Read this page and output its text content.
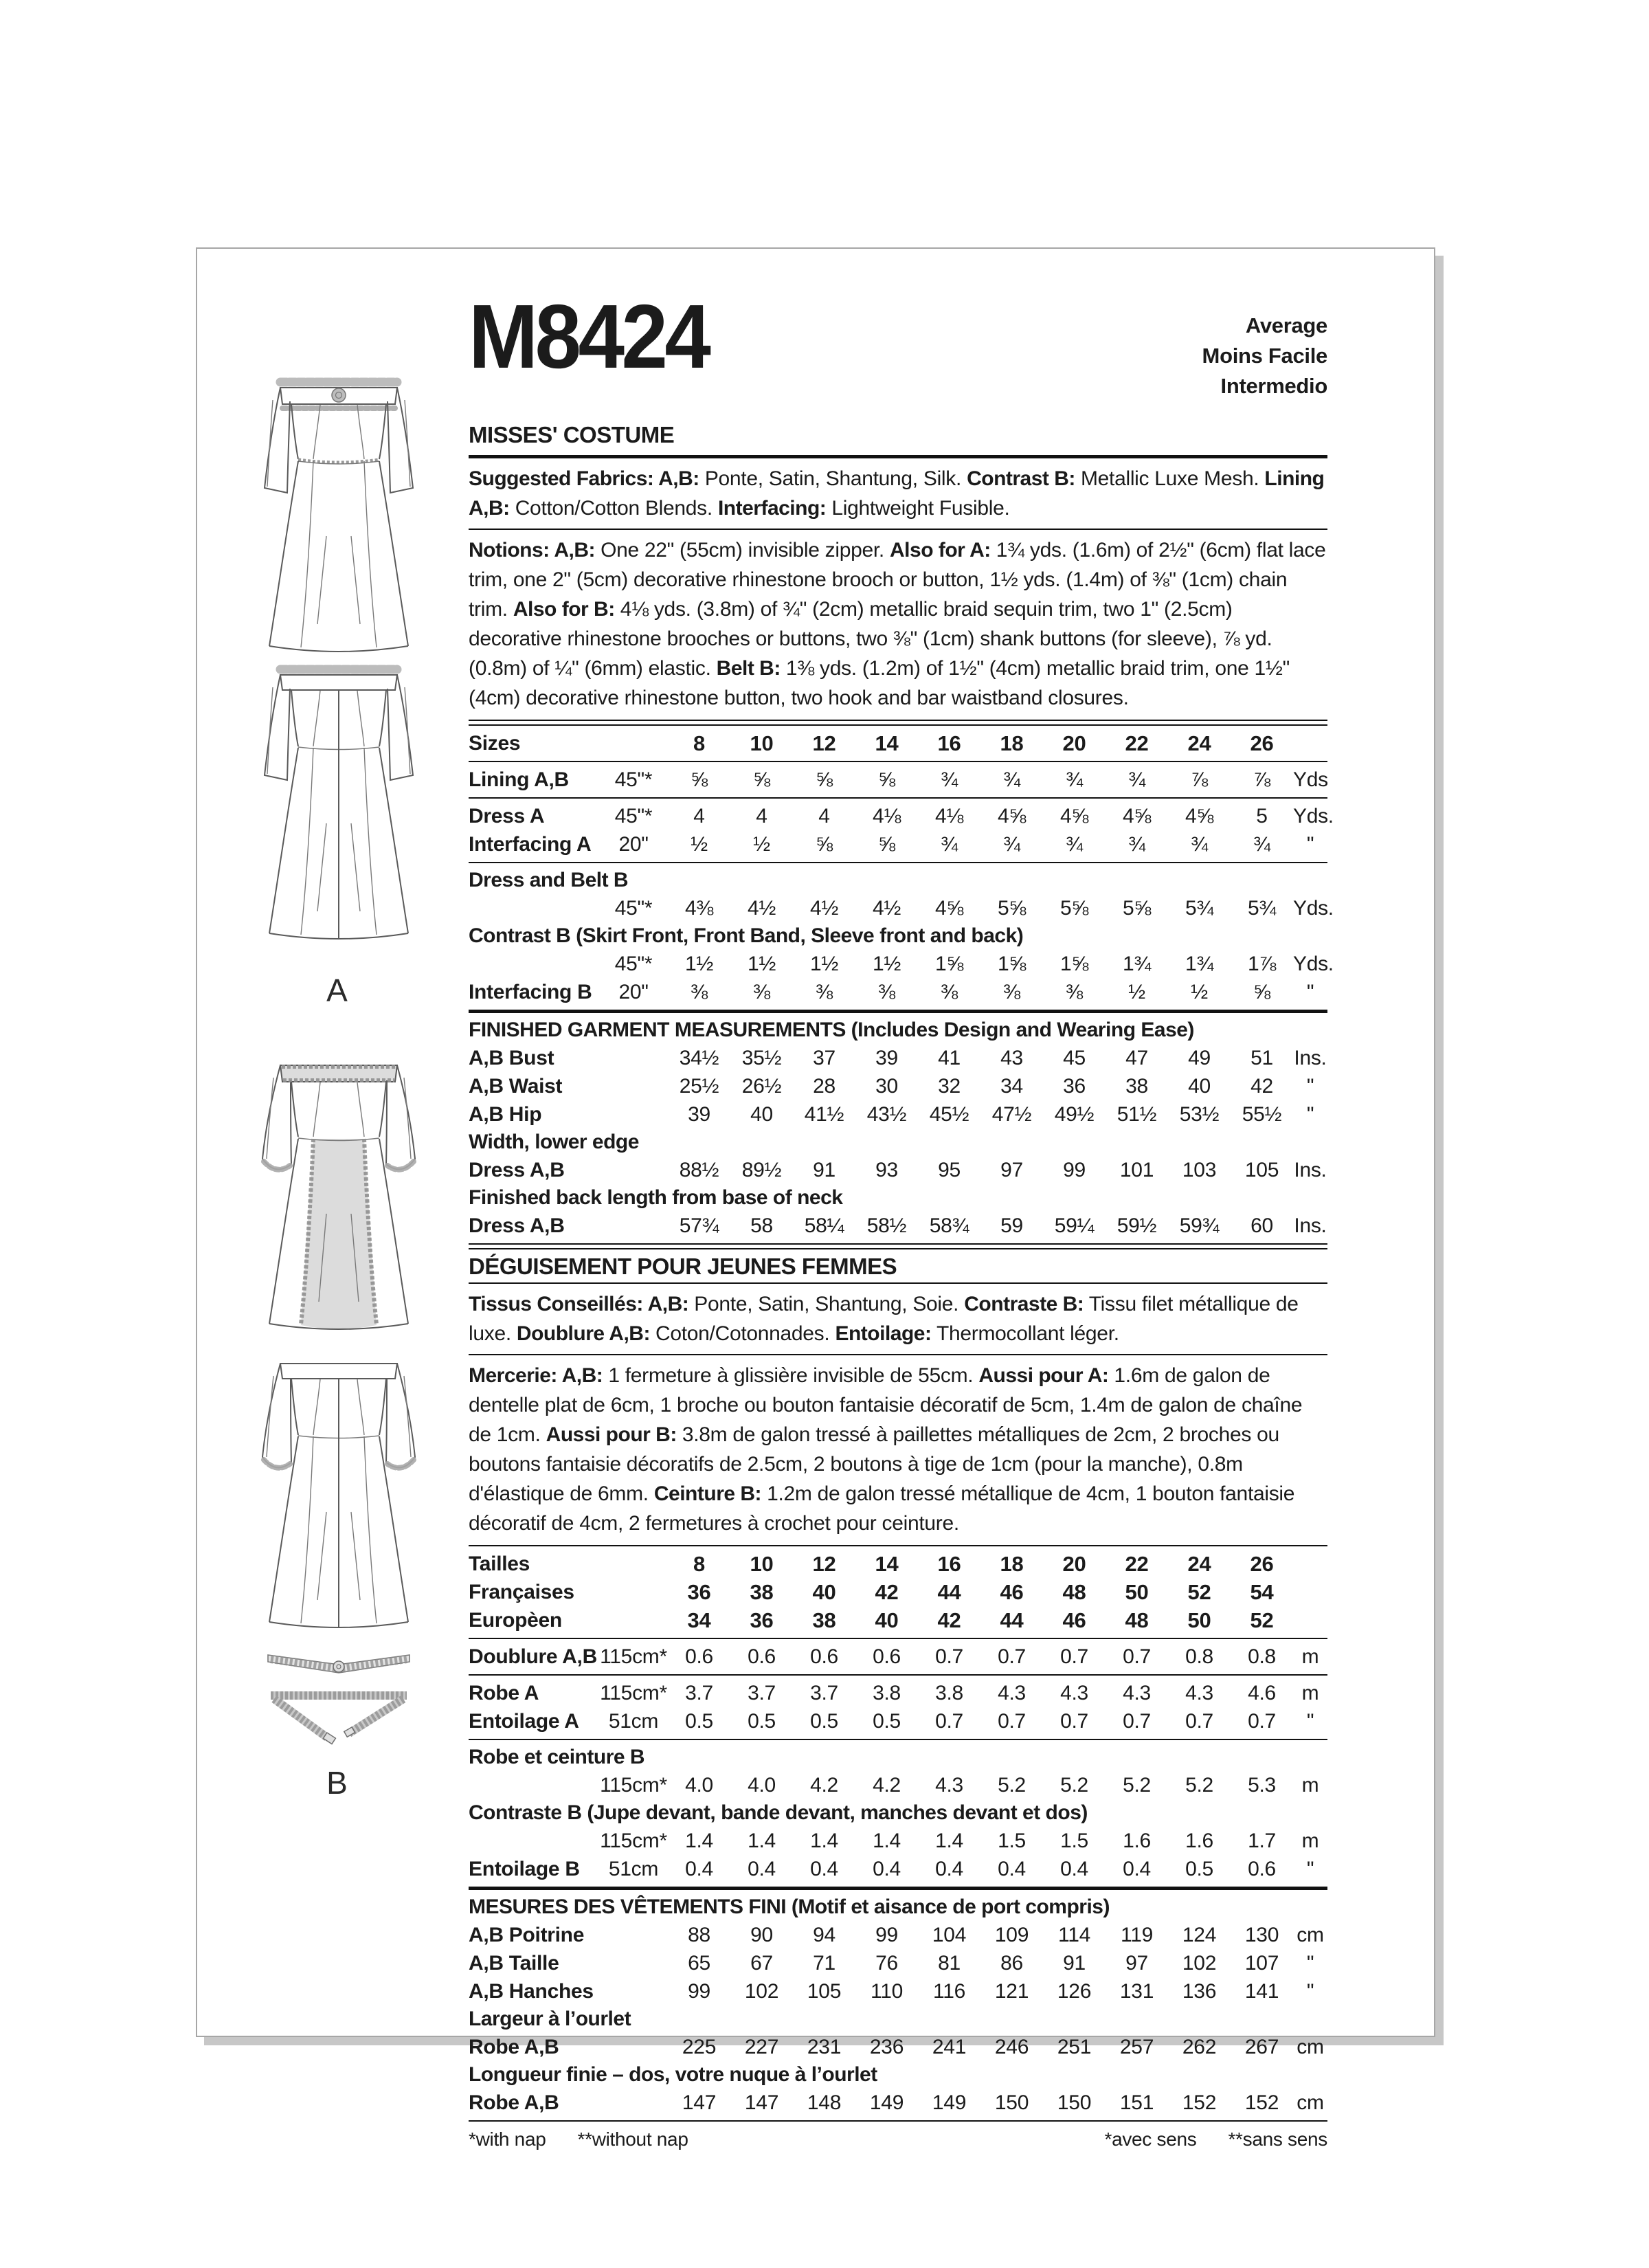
A
B
M8424	Average
Moins Facile
Intermedio
MISSES' COSTUME
Suggested Fabrics: A,B: Ponte, Satin, Shantung, Silk. Contrast B: Metallic Luxe Mesh. Lining A,B: Cotton/Cotton Blends. Interfacing: Lightweight Fusible.
Notions: A,B: One 22" (55cm) invisible zipper. Also for A: 1¾ yds. (1.6m) of 2½" (6cm) flat lace trim, one 2" (5cm) decorative rhinestone brooch or button, 1½ yds. (1.4m) of ⅜" (1cm) chain trim. Also for B: 4⅛ yds. (3.8m) of ¾" (2cm) metallic braid sequin trim, two 1" (2.5cm) decorative rhinestone brooches or buttons, two ⅜" (1cm) shank buttons (for sleeve), ⅞ yd. (0.8m) of ¼" (6mm) elastic. Belt B: 1⅜ yds. (1.2m) of 1½" (4cm) metallic braid trim, one 1½" (4cm) decorative rhinestone button, two hook and bar waistband closures.
Sizes	8	10	12	14	16	18	20	22	24	26
Lining A,B	45"*	⅝	⅝	⅝	⅝	¾	¾	¾	¾	⅞	⅞	Yds
Dress A	45"*	4	4	4	4⅛	4⅛	4⅝	4⅝	4⅝	4⅝	5	Yds.
Interfacing A	20"	½	½	⅝	⅝	¾	¾	¾	¾	¾	¾	"
Dress and Belt B
45"*	4⅜	4½	4½	4½	4⅝	5⅝	5⅝	5⅝	5¾	5¾ Yds.
Contrast B (Skirt Front, Front Band, Sleeve front and back)
45"*	1½	1½	1½	1½	1⅝	1⅝	1⅝	1¾	1¾	1⅞ Yds.
Interfacing B	20"	⅜	⅜	⅜	⅜	⅜	⅜	⅜	½	½	⅝	"
FINISHED GARMENT MEASUREMENTS (Includes Design and Wearing Ease)
A,B Bust	34½	35½	37	39	41	43	45	47	49	51	Ins.
A,B Waist	25½	26½	28	30	32	34	36	38	40	42	"
A,B Hip	39	40	41½	43½	45½	47½	49½	51½	53½	55½	"
Width, lower edge
Dress A,B	88½	89½	91	93	95	97	99	101	103	105 Ins.
Finished back length from base of neck
Dress A,B	57¾	58	58¼	58½	58¾	59	59¼	59½	59¾	60	Ins.
DÉGUISEMENT POUR JEUNES FEMMES
Tissus Conseillés: A,B: Ponte, Satin, Shantung, Soie. Contraste B: Tissu filet métallique de luxe. Doublure A,B: Coton/Cotonnades. Entoilage: Thermocollant léger.
Mercerie: A,B: 1 fermeture à glissière invisible de 55cm. Aussi pour A: 1.6m de galon de dentelle plat de 6cm, 1 broche ou bouton fantaisie décoratif de 5cm, 1.4m de galon de chaîne de 1cm. Aussi pour B: 3.8m de galon tressé à paillettes métalliques de 2cm, 2 broches ou boutons fantaisie décoratifs de 2.5cm, 2 boutons à tige de 1cm (pour la manche), 0.8m d'élastique de 6mm. Ceinture B: 1.2m de galon tressé métallique de 4cm, 1 bouton fantaisie décoratif de 4cm, 2 fermetures à crochet pour ceinture.
Tailles	8	10	12	14	16	18	20	22	24	26
Françaises	36	38	40	42	44	46	48	50	52	54
Europèen	34	36	38	40	42	44	46	48	50	52
Doublure A,B 115cm* 0.6	0.6	0.6	0.6	0.7	0.7	0.7	0.7	0.8	0.8	m
Robe A	115cm* 3.7	3.7	3.7	3.8	3.8	4.3	4.3	4.3	4.3	4.6	m
Entoilage A	51cm	0.5	0.5	0.5	0.5	0.7	0.7	0.7	0.7	0.7	0.7	"
Robe et ceinture B
115cm* 4.0	4.0	4.2	4.2	4.3	5.2	5.2	5.2	5.2	5.3	m
Contraste B (Jupe devant, bande devant, manches devant et dos)
115cm* 1.4	1.4	1.4	1.4	1.4	1.5	1.5	1.6	1.6	1.7	m
Entoilage B	51cm	0.4	0.4	0.4	0.4	0.4	0.4	0.4	0.4	0.5	0.6	"
MESURES DES VÊTEMENTS FINI (Motif et aisance de port compris)
A,B Poitrine	88	90	94	99	104	109	114	119	124	130 cm
A,B Taille	65	67	71	76	81	86	91	97	102	107	"
A,B Hanches	99	102	105	110	116	121	126	131	136	141	"
Largeur à l’ourlet
Robe A,B	225	227	231	236	241	246	251	257	262	267 cm
Longueur finie – dos, votre nuque à l’ourlet
Robe A,B	147	147	148	149	149	150	150	151	152	152 cm
*with nap **without nap	*avec sens **sans sens
